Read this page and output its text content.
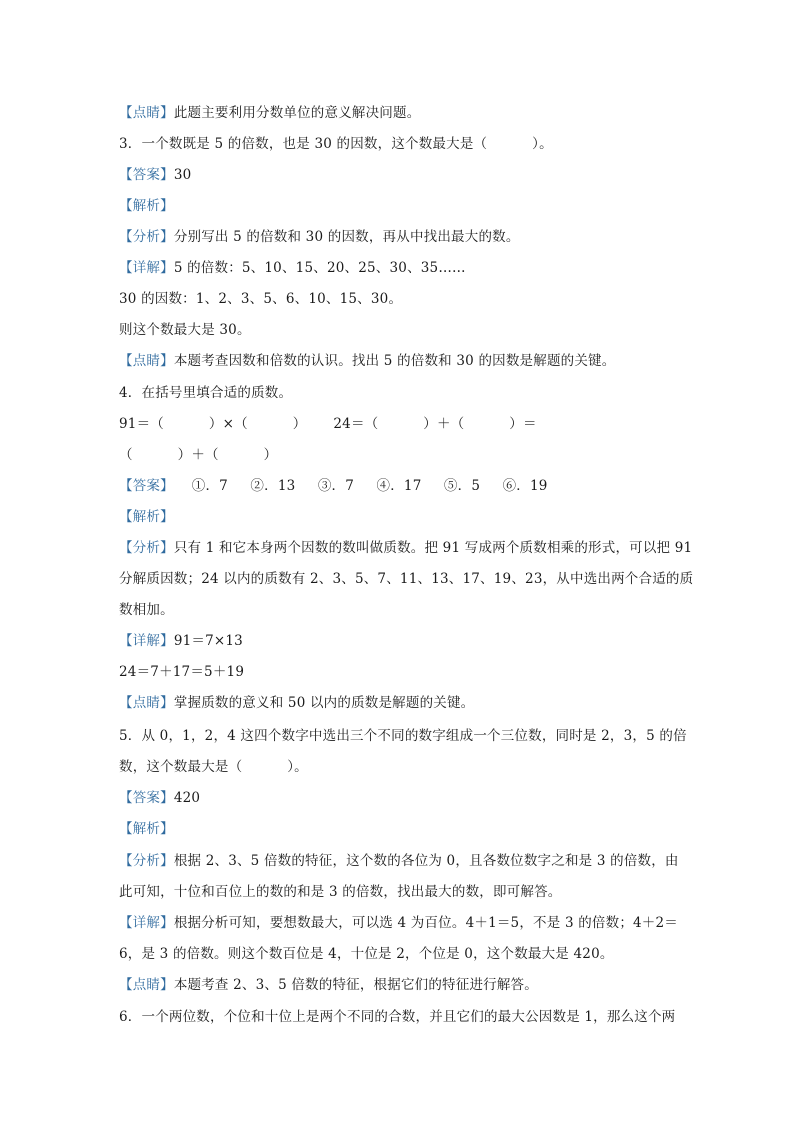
【点睛】此题主要利用分数单位的意义解决问题。
3．一个数既是 5 的倍数，也是 30 的因数，这个数最大是（          ）。
【答案】30
【解析】
【分析】分别写出 5 的倍数和 30 的因数，再从中找出最大的数。
【详解】5 的倍数：5、10、15、20、25、30、35……
30 的因数：1、2、3、5、6、10、15、30。
则这个数最大是 30。
【点睛】本题考查因数和倍数的认识。找出 5 的倍数和 30 的因数是解题的关键。
4．在括号里填合适的质数。
91＝（          ）×（          ）      24＝（          ）＋（          ）＝
（          ）＋（          ）
【答案】    ①．7     ②．13     ③．7     ④．17     ⑤．5     ⑥．19
【解析】
【分析】只有 1 和它本身两个因数的数叫做质数。把 91 写成两个质数相乘的形式，可以把 91
分解质因数；24 以内的质数有 2、3、5、7、11、13、17、19、23，从中选出两个合适的质
数相加。
【详解】91＝7×13
24＝7＋17＝5＋19
【点睛】掌握质数的意义和 50 以内的质数是解题的关键。
5．从 0，1，2，4 这四个数字中选出三个不同的数字组成一个三位数，同时是 2，3，5 的倍
数，这个数最大是（          ）。
【答案】420
【解析】
【分析】根据 2、3、5 倍数的特征，这个数的各位为 0，且各数位数字之和是 3 的倍数，由
此可知，十位和百位上的数的和是 3 的倍数，找出最大的数，即可解答。
【详解】根据分析可知，要想数最大，可以选 4 为百位。4＋1＝5，不是 3 的倍数；4＋2＝
6，是 3 的倍数。则这个数百位是 4，十位是 2，个位是 0，这个数最大是 420。
【点睛】本题考查 2、3、5 倍数的特征，根据它们的特征进行解答。
6．一个两位数，个位和十位上是两个不同的合数，并且它们的最大公因数是 1，那么这个两
